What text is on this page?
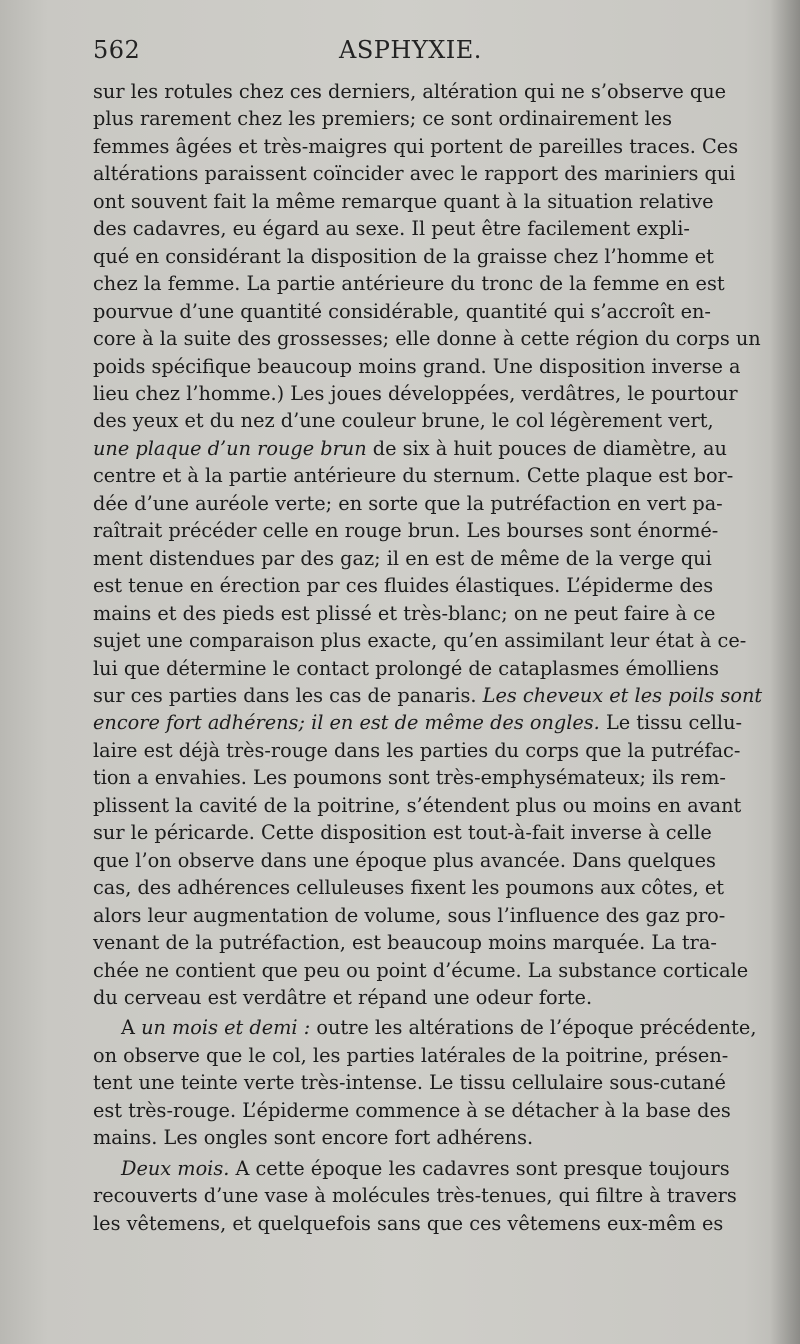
562	ASPHYXIE.
sur les rotules chez ces derniers, altération qui ne s’observe que
plus rarement chez les premiers; ce sont ordinairement les
femmes âgées et très-maigres qui portent de pareilles traces. Ces
altérations paraissent coïncider avec le rapport des mariniers qui
ont souvent fait la même remarque quant à la situation relative
des cadavres, eu égard au sexe. Il peut être facilement expli-
qué en considérant la disposition de la graisse chez l’homme et
chez la femme. La partie antérieure du tronc de la femme en est
pourvue d’une quantité considérable, quantité qui s’accroît en-
core à la suite des grossesses; elle donne à cette région du corps un
poids spécifique beaucoup moins grand. Une disposition inverse a
lieu chez l’homme.) Les joues développées, verdâtres, le pourtour
des yeux et du nez d’une couleur brune, le col légèrement vert,
une plaque d’un rouge brun de six à huit pouces de diamètre, au
centre et à la partie antérieure du sternum. Cette plaque est bor-
dée d’une auréole verte; en sorte que la putréfaction en vert pa-
raîtrait précéder celle en rouge brun. Les bourses sont énormé-
ment distendues par des gaz; il en est de même de la verge qui
est tenue en érection par ces fluides élastiques. L’épiderme des
mains et des pieds est plissé et très-blanc; on ne peut faire à ce
sujet une comparaison plus exacte, qu’en assimilant leur état à ce-
lui que détermine le contact prolongé de cataplasmes émolliens
sur ces parties dans les cas de panaris. Les cheveux et les poils sont
encore fort adhérens; il en est de même des ongles. Le tissu cellu-
laire est déjà très-rouge dans les parties du corps que la putréfac-
tion a envahies. Les poumons sont très-emphysémateux; ils rem-
plissent la cavité de la poitrine, s’étendent plus ou moins en avant
sur le péricarde. Cette disposition est tout-à-fait inverse à celle
que l’on observe dans une époque plus avancée. Dans quelques
cas, des adhérences celluleuses fixent les poumons aux côtes, et
alors leur augmentation de volume, sous l’influence des gaz pro-
venant de la putréfaction, est beaucoup moins marquée. La tra-
chée ne contient que peu ou point d’écume. La substance corticale
du cerveau est verdâtre et répand une odeur forte.
A un mois et demi : outre les altérations de l’époque précédente,
on observe que le col, les parties latérales de la poitrine, présen-
tent une teinte verte très-intense. Le tissu cellulaire sous-cutané
est très-rouge. L’épiderme commence à se détacher à la base des
mains. Les ongles sont encore fort adhérens.
Deux mois. A cette époque les cadavres sont presque toujours
recouverts d’une vase à molécules très-tenues, qui filtre à travers
les vêtemens, et quelquefois sans que ces vêtemens eux-mêm es
